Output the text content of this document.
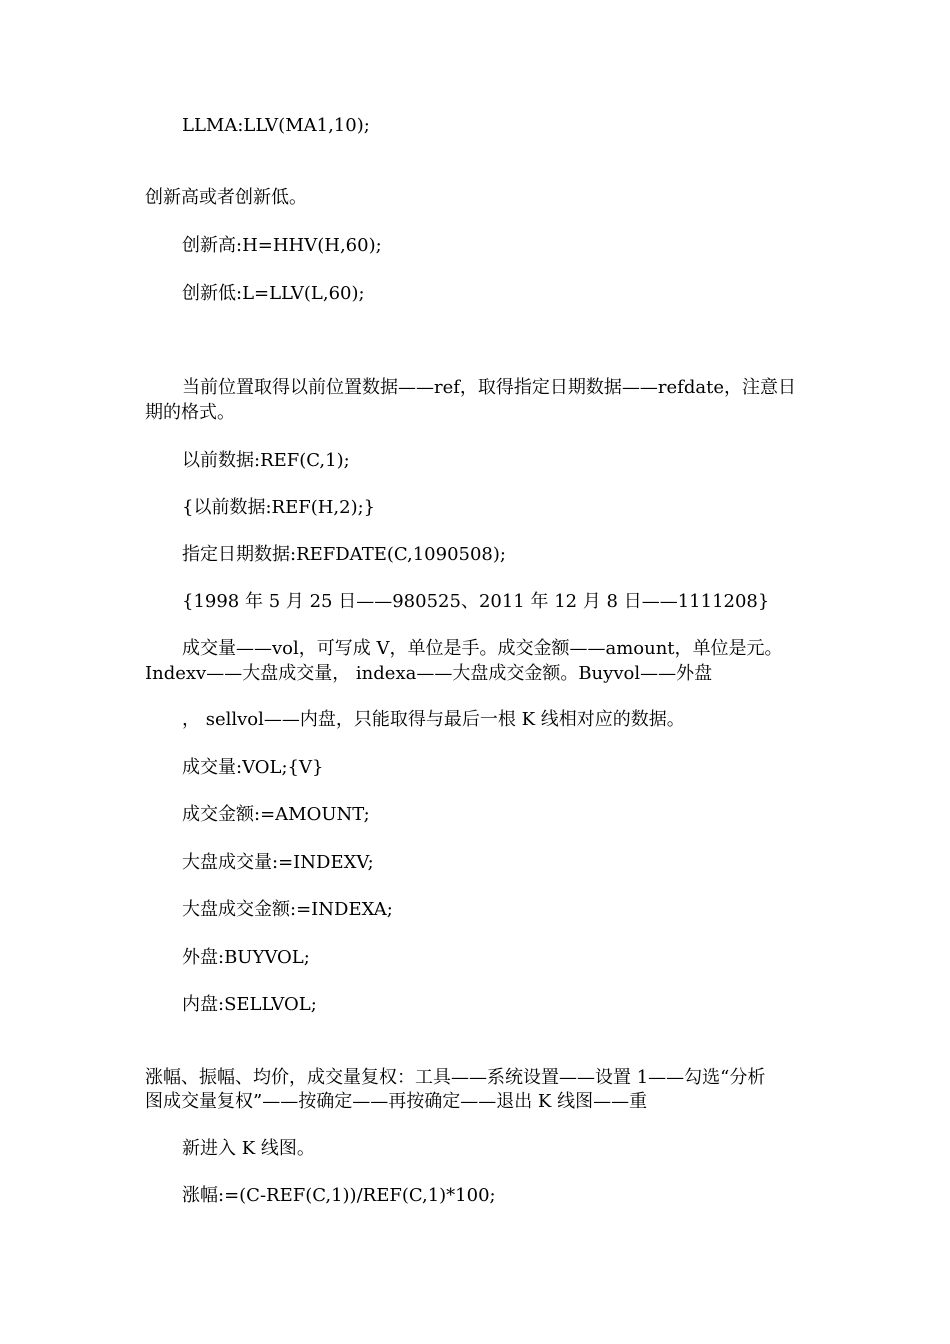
LLMA:LLV(MA1,10);

创新高或者创新低。

创新高:H=HHV(H,60);

创新低:L=LLV(L,60);

当前位置取得以前位置数据——ref，取得指定日期数据——refdate，注意日

期的格式。

以前数据:REF(C,1);

{以前数据:REF(H,2);}

指定日期数据:REFDATE(C,1090508);

{1998 年 5 月 25 日——980525、2011 年 12 月 8 日——1111208}

成交量——vol，可写成 V，单位是手。成交金额——amount，单位是元。

Indexv——大盘成交量， indexa——大盘成交金额。Buyvol——外盘

， sellvol——内盘，只能取得与最后一根 K 线相对应的数据。

成交量:VOL;{V}

成交金额:=AMOUNT;

大盘成交量:=INDEXV;

大盘成交金额:=INDEXA;

外盘:BUYVOL;

内盘:SELLVOL;

涨幅、振幅、均价，成交量复权：工具——系统设置——设置 1——勾选“分析

图成交量复权”——按确定——再按确定——退出 K 线图——重

新进入 K 线图。

涨幅:=(C-REF(C,1))/REF(C,1)*100;
